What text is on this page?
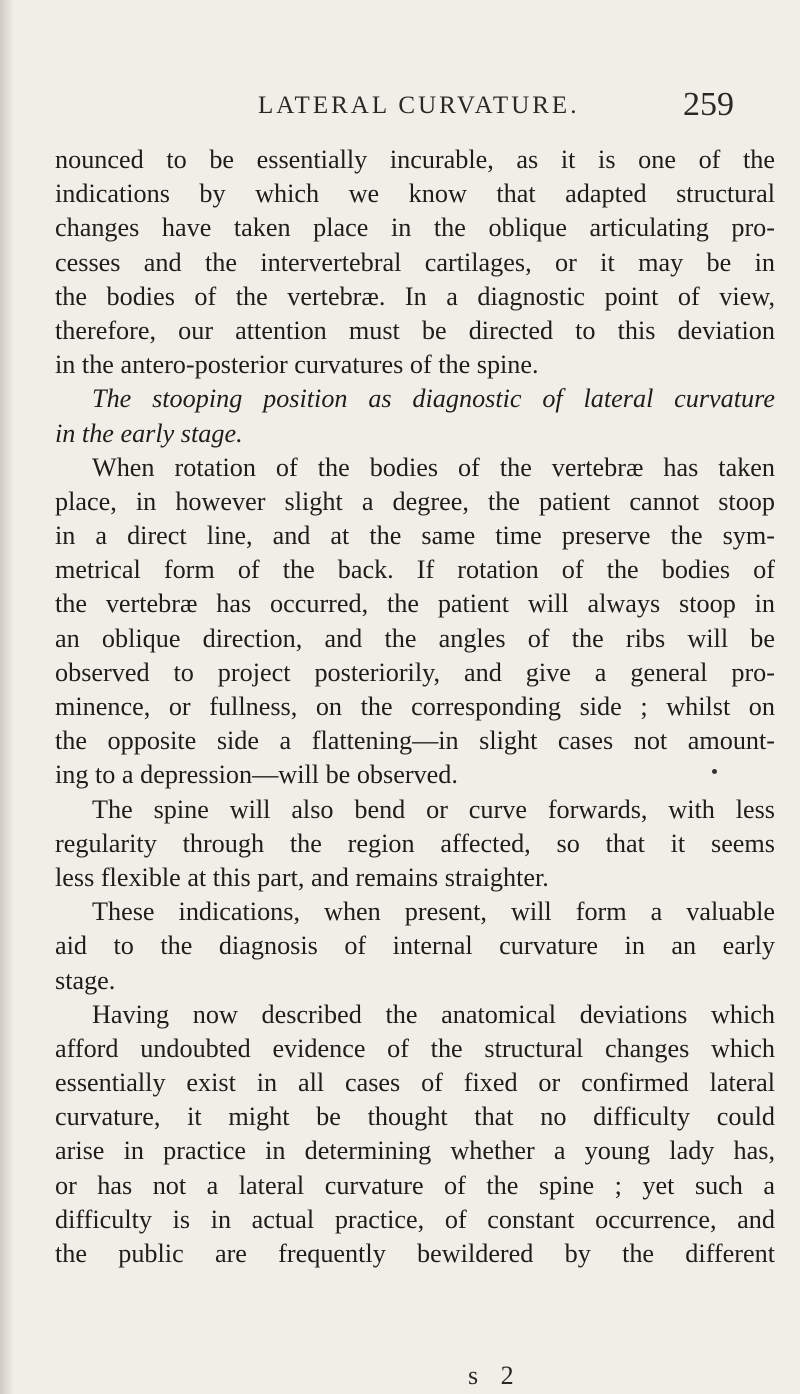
LATERAL CURVATURE.	259
nounced to be essentially incurable, as it is one of the
indications by which we know that adapted structural
changes have taken place in the oblique articulating pro-
cesses and the intervertebral cartilages, or it may be in
the bodies of the vertebræ. In a diagnostic point of view,
therefore, our attention must be directed to this deviation
in the antero-posterior curvatures of the spine.
The stooping position as diagnostic of lateral curvature
in the early stage.
When rotation of the bodies of the vertebræ has taken
place, in however slight a degree, the patient cannot stoop
in a direct line, and at the same time preserve the sym-
metrical form of the back. If rotation of the bodies of
the vertebræ has occurred, the patient will always stoop in
an oblique direction, and the angles of the ribs will be
observed to project posteriorily, and give a general pro-
minence, or fullness, on the corresponding side ; whilst on
the opposite side a flattening—in slight cases not amount-
ing to a depression—will be observed.
The spine will also bend or curve forwards, with less
regularity through the region affected, so that it seems
less flexible at this part, and remains straighter.
These indications, when present, will form a valuable
aid to the diagnosis of internal curvature in an early
stage.
Having now described the anatomical deviations which
afford undoubted evidence of the structural changes which
essentially exist in all cases of fixed or confirmed lateral
curvature, it might be thought that no difficulty could
arise in practice in determining whether a young lady has,
or has not a lateral curvature of the spine ; yet such a
difficulty is in actual practice, of constant occurrence, and
the public are frequently bewildered by the different
s 2
